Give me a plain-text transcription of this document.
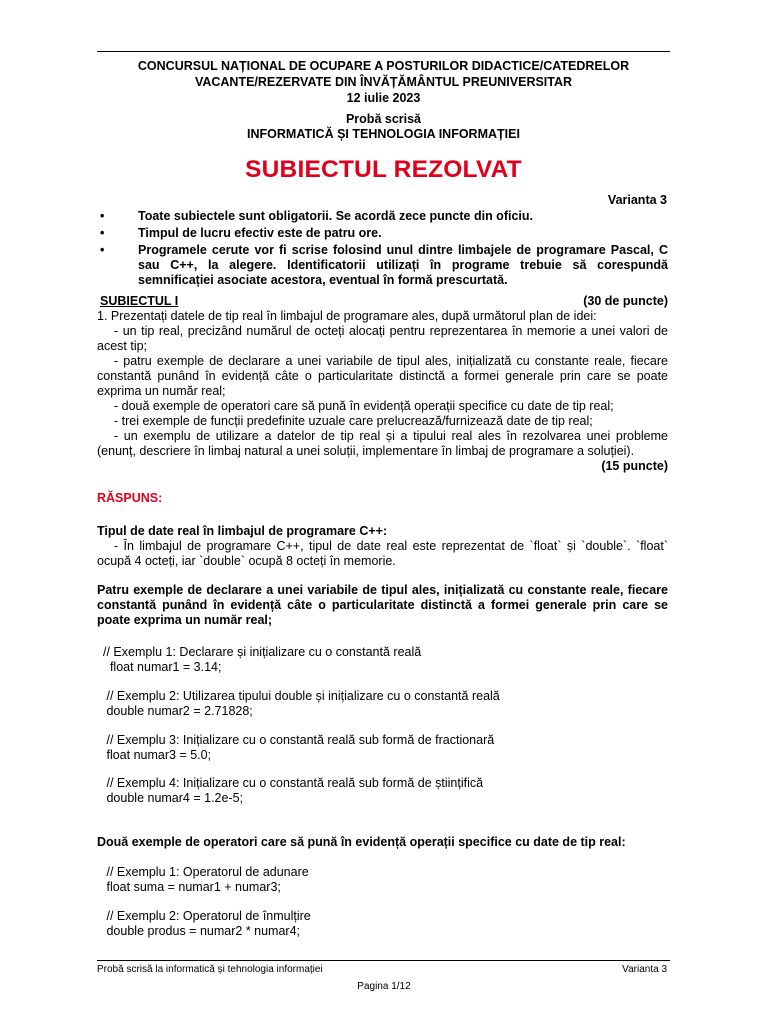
CONCURSUL NAȚIONAL DE OCUPARE A POSTURILOR DIDACTICE/CATEDRELOR
VACANTE/REZERVATE DIN ÎNVĂȚĂMÂNTUL PREUNIVERSITAR
12 iulie 2023
Probă scrisă
INFORMATICĂ ȘI TEHNOLOGIA INFORMAȚIEI
SUBIECTUL REZOLVAT
Varianta 3
•	Toate subiectele sunt obligatorii. Se acordă zece puncte din oficiu.
•	Timpul de lucru efectiv este de patru ore.
•	Programele cerute vor fi scrise folosind unul dintre limbajele de programare Pascal, C sau C++, la alegere. Identificatorii utilizați în programe trebuie să corespundă semnificației asociate acestora, eventual în formă prescurtată.
SUBIECTUL I	(30 de puncte)

1. Prezentați datele de tip real în limbajul de programare ales, după următorul plan de idei:

- un tip real, precizând numărul de octeți alocați pentru reprezentarea în memorie a unei valori de acest tip;

- patru exemple de declarare a unei variabile de tipul ales, inițializată cu constante reale, fiecare constantă punând în evidență câte o particularitate distinctă a formei generale prin care se poate exprima un număr real;

- două exemple de operatori care să pună în evidență operații specifice cu date de tip real;

- trei exemple de funcții predefinite uzuale care prelucrează/furnizează date de tip real;

- un exemplu de utilizare a datelor de tip real și a tipului real ales în rezolvarea unei probleme (enunț, descriere în limbaj natural a unei soluții, implementare în limbaj de programare a soluției).

(15 puncte)

RĂSPUNS:

Tipul de date real în limbajul de programare C++:

- În limbajul de programare C++, tipul de date real este reprezentat de `float` și `double`. `float` ocupă 4 octeți, iar `double` ocupă 8 octeți în memorie.

Patru exemple de declarare a unei variabile de tipul ales, inițializată cu constante reale, fiecare constantă punând în evidență câte o particularitate distinctă a formei generale prin care se poate exprima un număr real;

// Exemplu 1: Declarare și inițializare cu o constantă reală
float numar1 = 3.14;
// Exemplu 2: Utilizarea tipului double și inițializare cu o constantă reală
double numar2 = 2.71828;
// Exemplu 3: Inițializare cu o constantă reală sub formă de fractionară
float numar3 = 5.0;
// Exemplu 4: Inițializare cu o constantă reală sub formă de științifică
double numar4 = 1.2e-5;

Două exemple de operatori care să pună în evidență operații specifice cu date de tip real:

// Exemplu 1: Operatorul de adunare
float suma = numar1 + numar3;
// Exemplu 2: Operatorul de înmulțire
double produs = numar2 * numar4;
Probă scrisă la informatică și tehnologia informației	Varianta 3
Pagina 1/12
